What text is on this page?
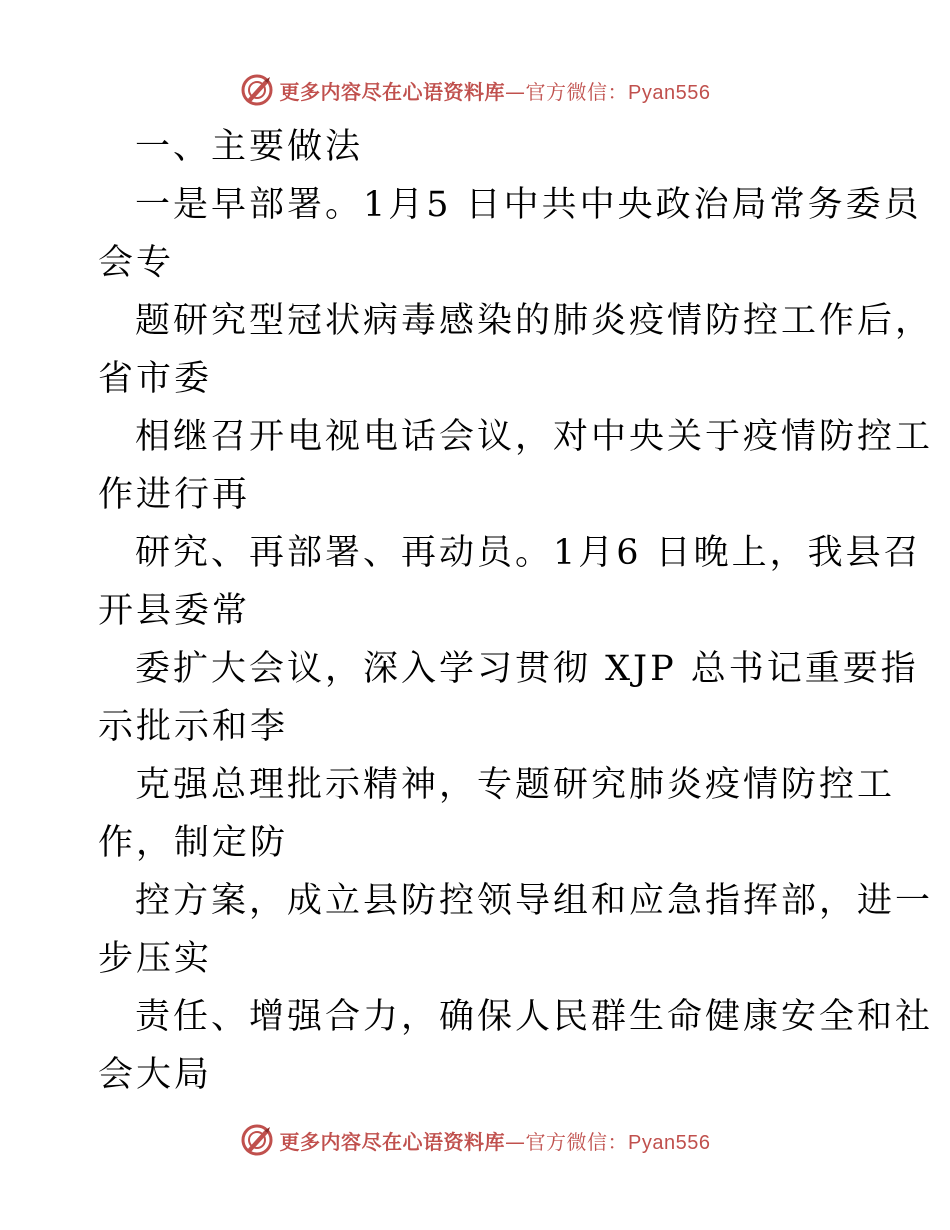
更多内容尽在心语资料库—官方微信：Pyan556
一、主要做法
一是早部署。1月5 日中共中央政治局常务委员
会专
题研究型冠状病毒感染的肺炎疫情防控工作后，
省市委
相继召开电视电话会议，对中央关于疫情防控工
作进行再
研究、再部署、再动员。1月6 日晚上，我县召
开县委常
委扩大会议，深入学习贯彻 XJP 总书记重要指
示批示和李
克强总理批示精神，专题研究肺炎疫情防控工
作，制定防
控方案，成立县防控领导组和应急指挥部，进一
步压实
责任、增强合力，确保人民群生命健康安全和社
会大局
更多内容尽在心语资料库—官方微信：Pyan556
